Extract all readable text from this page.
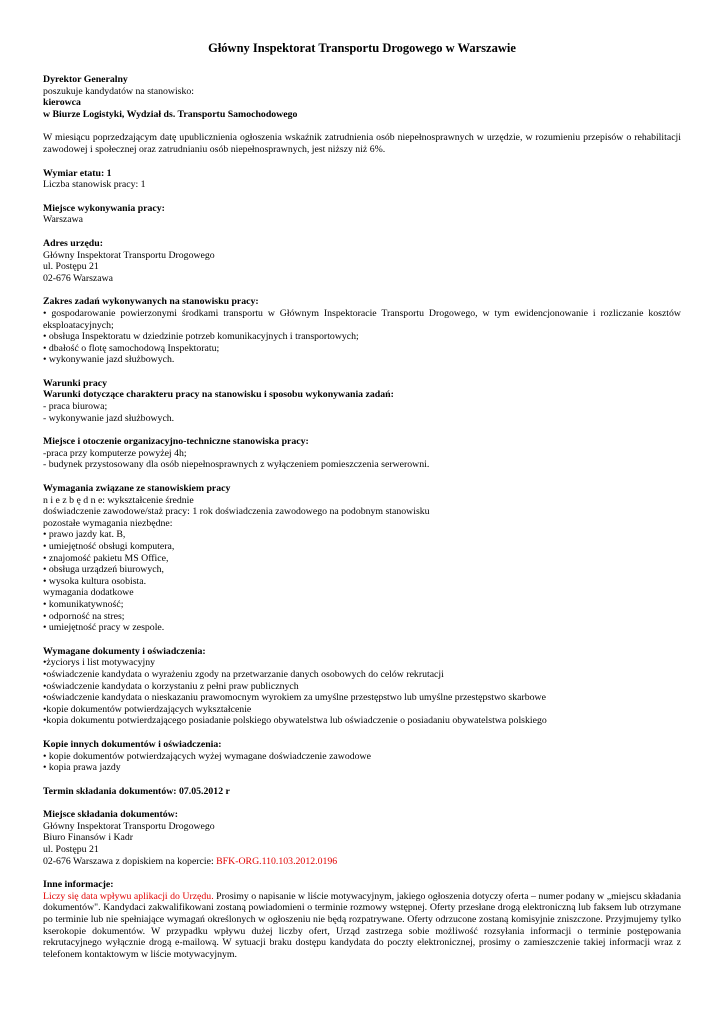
Główny Inspektorat Transportu Drogowego w Warszawie

Dyrektor Generalny

poszukuje kandydatów na stanowisko:

kierowca

w Biurze Logistyki, Wydział ds. Transportu Samochodowego

W miesiącu poprzedzającym datę upublicznienia ogłoszenia wskaźnik zatrudnienia osób niepełnosprawnych w urzędzie, w rozumieniu przepisów o rehabilitacji zawodowej i społecznej oraz zatrudnianiu osób niepełnosprawnych, jest niższy niż 6%.

Wymiar etatu: 1

Liczba stanowisk pracy: 1

Miejsce wykonywania pracy:

Warszawa

Adres urzędu:

Główny Inspektorat Transportu Drogowego

ul. Postępu 21

02-676 Warszawa

Zakres zadań wykonywanych na stanowisku pracy:

• gospodarowanie powierzonymi środkami transportu w Głównym Inspektoracie Transportu Drogowego, w tym ewidencjonowanie i rozliczanie kosztów eksploatacyjnych;

• obsługa Inspektoratu w dziedzinie potrzeb komunikacyjnych i transportowych;

• dbałość o flotę samochodową Inspektoratu;

• wykonywanie jazd służbowych.

Warunki pracy

Warunki dotyczące charakteru pracy na stanowisku i sposobu wykonywania zadań:

- praca biurowa;

- wykonywanie jazd służbowych.

Miejsce i otoczenie organizacyjno-techniczne stanowiska pracy:

-praca przy komputerze powyżej 4h;

- budynek przystosowany dla osób niepełnosprawnych z wyłączeniem pomieszczenia serwerowni.

Wymagania związane ze stanowiskiem pracy

n i e z b ę d n e: wykształcenie średnie

doświadczenie zawodowe/staż pracy: 1 rok doświadczenia zawodowego na podobnym stanowisku

pozostałe wymagania niezbędne:

• prawo jazdy kat. B,

• umiejętność obsługi komputera,

• znajomość pakietu MS Office,

• obsługa urządzeń biurowych,

• wysoka kultura osobista.

wymagania dodatkowe

• komunikatywność;

• odporność na stres;

• umiejętność pracy w zespole.

Wymagane dokumenty i oświadczenia:

•życiorys i list motywacyjny

•oświadczenie kandydata o wyrażeniu zgody na przetwarzanie danych osobowych do celów rekrutacji

•oświadczenie kandydata o korzystaniu z pełni praw publicznych

•oświadczenie kandydata o nieskazaniu prawomocnym wyrokiem za umyślne przestępstwo lub umyślne przestępstwo skarbowe

•kopie dokumentów potwierdzających wykształcenie

•kopia dokumentu potwierdzającego posiadanie polskiego obywatelstwa lub oświadczenie o posiadaniu obywatelstwa polskiego

Kopie innych dokumentów i oświadczenia:

• kopie dokumentów potwierdzających wyżej wymagane doświadczenie zawodowe

• kopia prawa jazdy

Termin składania dokumentów: 07.05.2012 r

Miejsce składania dokumentów:

Główny Inspektorat Transportu Drogowego

Biuro Finansów i Kadr

ul. Postępu 21

02-676 Warszawa z dopiskiem na kopercie: BFK-ORG.110.103.2012.0196

Inne informacje:

Liczy się data wpływu aplikacji do Urzędu. Prosimy o napisanie w liście motywacyjnym, jakiego ogłoszenia dotyczy oferta – numer podany w „miejscu składania dokumentów". Kandydaci zakwalifikowani zostaną powiadomieni o terminie rozmowy wstępnej. Oferty przesłane drogą elektroniczną lub faksem lub otrzymane po terminie lub nie spełniające wymagań określonych w ogłoszeniu nie będą rozpatrywane. Oferty odrzucone zostaną komisyjnie zniszczone. Przyjmujemy tylko kserokopie dokumentów. W przypadku wpływu dużej liczby ofert, Urząd zastrzega sobie możliwość rozsyłania informacji o terminie postępowania rekrutacyjnego wyłącznie drogą e-mailową. W sytuacji braku dostępu kandydata do poczty elektronicznej, prosimy o zamieszczenie takiej informacji wraz z telefonem kontaktowym w liście motywacyjnym.
